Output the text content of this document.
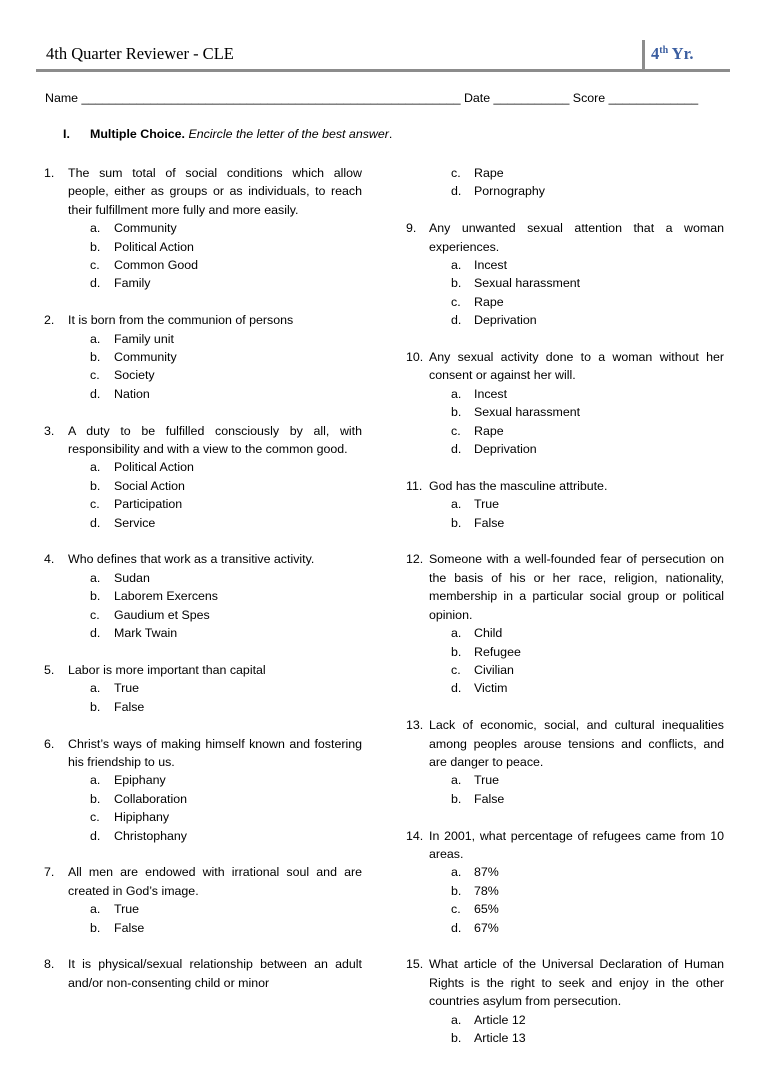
4th Quarter Reviewer - CLE	4th Yr.
Name _______________________________________________________ Date ___________ Score _____________
I. Multiple Choice. Encircle the letter of the best answer.
1. The sum total of social conditions which allow people, either as groups or as individuals, to reach their fulfillment more fully and more easily.
a. Community
b. Political Action
c. Common Good
d. Family
2. It is born from the communion of persons
a. Family unit
b. Community
c. Society
d. Nation
3. A duty to be fulfilled consciously by all, with responsibility and with a view to the common good.
a. Political Action
b. Social Action
c. Participation
d. Service
4. Who defines that work as a transitive activity.
a. Sudan
b. Laborem Exercens
c. Gaudium et Spes
d. Mark Twain
5. Labor is more important than capital
a. True
b. False
6. Christ’s ways of making himself known and fostering his friendship to us.
a. Epiphany
b. Collaboration
c. Hipiphany
d. Christophany
7. All men are endowed with irrational soul and are created in God’s image.
a. True
b. False
8. It is physical/sexual relationship between an adult and/or non-consenting child or minor
c. Rape
d. Pornography
9. Any unwanted sexual attention that a woman experiences.
a. Incest
b. Sexual harassment
c. Rape
d. Deprivation
10. Any sexual activity done to a woman without her consent or against her will.
a. Incest
b. Sexual harassment
c. Rape
d. Deprivation
11. God has the masculine attribute.
a. True
b. False
12. Someone with a well-founded fear of persecution on the basis of his or her race, religion, nationality, membership in a particular social group or political opinion.
a. Child
b. Refugee
c. Civilian
d. Victim
13. Lack of economic, social, and cultural inequalities among peoples arouse tensions and conflicts, and are danger to peace.
a. True
b. False
14. In 2001, what percentage of refugees came from 10 areas.
a. 87%
b. 78%
c. 65%
d. 67%
15. What article of the Universal Declaration of Human Rights is the right to seek and enjoy in the other countries asylum from persecution.
a. Article 12
b. Article 13
